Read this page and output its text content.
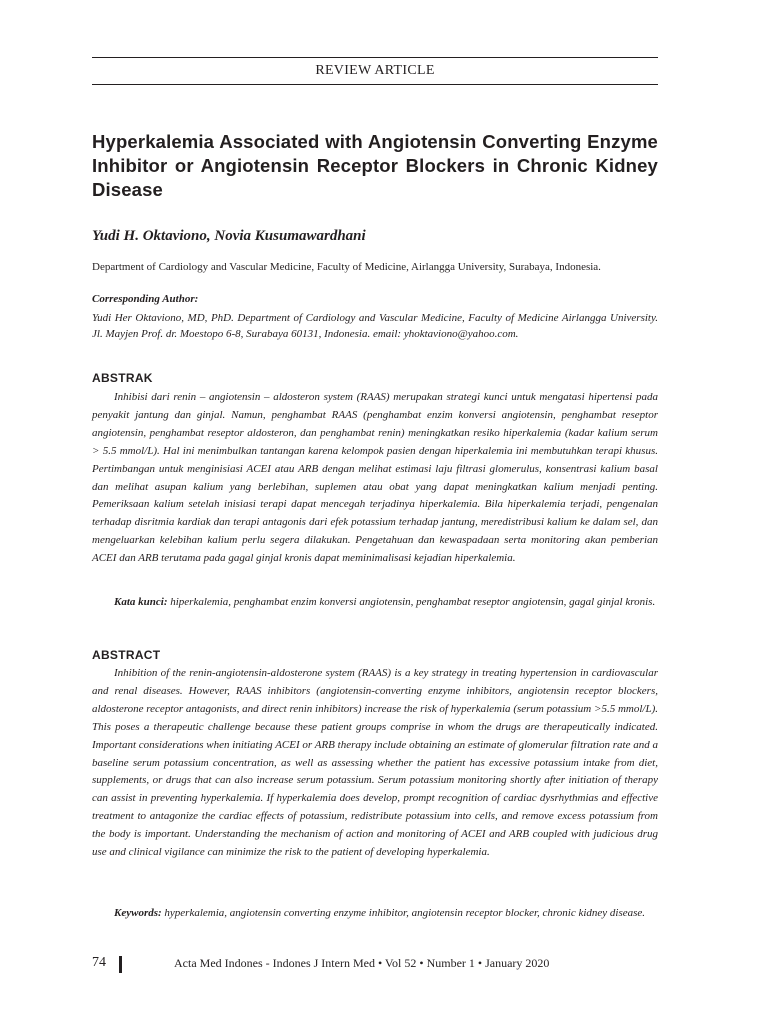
REVIEW ARTICLE
Hyperkalemia Associated with Angiotensin Converting Enzyme Inhibitor or Angiotensin Receptor Blockers in Chronic Kidney Disease
Yudi H. Oktaviono, Novia Kusumawardhani
Department of Cardiology and Vascular Medicine, Faculty of Medicine, Airlangga University, Surabaya, Indonesia.
Corresponding Author:
Yudi Her Oktaviono, MD, PhD. Department of Cardiology and Vascular Medicine, Faculty of Medicine Airlangga University. Jl. Mayjen Prof. dr. Moestopo 6-8, Surabaya 60131, Indonesia. email: yhoktaviono@yahoo.com.
ABSTRAK
Inhibisi dari renin – angiotensin – aldosteron system (RAAS) merupakan strategi kunci untuk mengatasi hipertensi pada penyakit jantung dan ginjal. Namun, penghambat RAAS (penghambat enzim konversi angiotensin, penghambat reseptor angiotensin, penghambat reseptor aldosteron, dan penghambat renin) meningkatkan resiko hiperkalemia (kadar kalium serum > 5.5 mmol/L). Hal ini menimbulkan tantangan karena kelompok pasien dengan hiperkalemia ini membutuhkan terapi khusus. Pertimbangan untuk menginisiasi ACEI atau ARB dengan melihat estimasi laju filtrasi glomerulus, konsentrasi kalium basal dan melihat asupan kalium yang berlebihan, suplemen atau obat yang dapat meningkatkan kalium menjadi penting. Pemeriksaan kalium setelah inisiasi terapi dapat mencegah terjadinya hiperkalemia. Bila hiperkalemia terjadi, pengenalan terhadap disritmia kardiak dan terapi antagonis dari efek potassium terhadap jantung, meredistribusi kalium ke dalam sel, dan mengeluarkan kelebihan kalium perlu segera dilakukan. Pengetahuan dan kewaspadaan serta monitoring akan pemberian ACEI dan ARB terutama pada gagal ginjal kronis dapat meminimalisasi kejadian hiperkalemia.
Kata kunci: hiperkalemia, penghambat enzim konversi angiotensin, penghambat reseptor angiotensin, gagal ginjal kronis.
ABSTRACT
Inhibition of the renin-angiotensin-aldosterone system (RAAS) is a key strategy in treating hypertension in cardiovascular and renal diseases. However, RAAS inhibitors (angiotensin-converting enzyme inhibitors, angiotensin receptor blockers, aldosterone receptor antagonists, and direct renin inhibitors) increase the risk of hyperkalemia (serum potassium >5.5 mmol/L). This poses a therapeutic challenge because these patient groups comprise in whom the drugs are therapeutically indicated. Important considerations when initiating ACEI or ARB therapy include obtaining an estimate of glomerular filtration rate and a baseline serum potassium concentration, as well as assessing whether the patient has excessive potassium intake from diet, supplements, or drugs that can also increase serum potassium. Serum potassium monitoring shortly after initiation of therapy can assist in preventing hyperkalemia. If hyperkalemia does develop, prompt recognition of cardiac dysrhythmias and effective treatment to antagonize the cardiac effects of potassium, redistribute potassium into cells, and remove excess potassium from the body is important. Understanding the mechanism of action and monitoring of ACEI and ARB coupled with judicious drug use and clinical vigilance can minimize the risk to the patient of developing hyperkalemia.
Keywords: hyperkalemia, angiotensin converting enzyme inhibitor, angiotensin receptor blocker, chronic kidney disease.
74	Acta Med Indones - Indones J Intern Med • Vol 52 • Number 1 • January 2020
